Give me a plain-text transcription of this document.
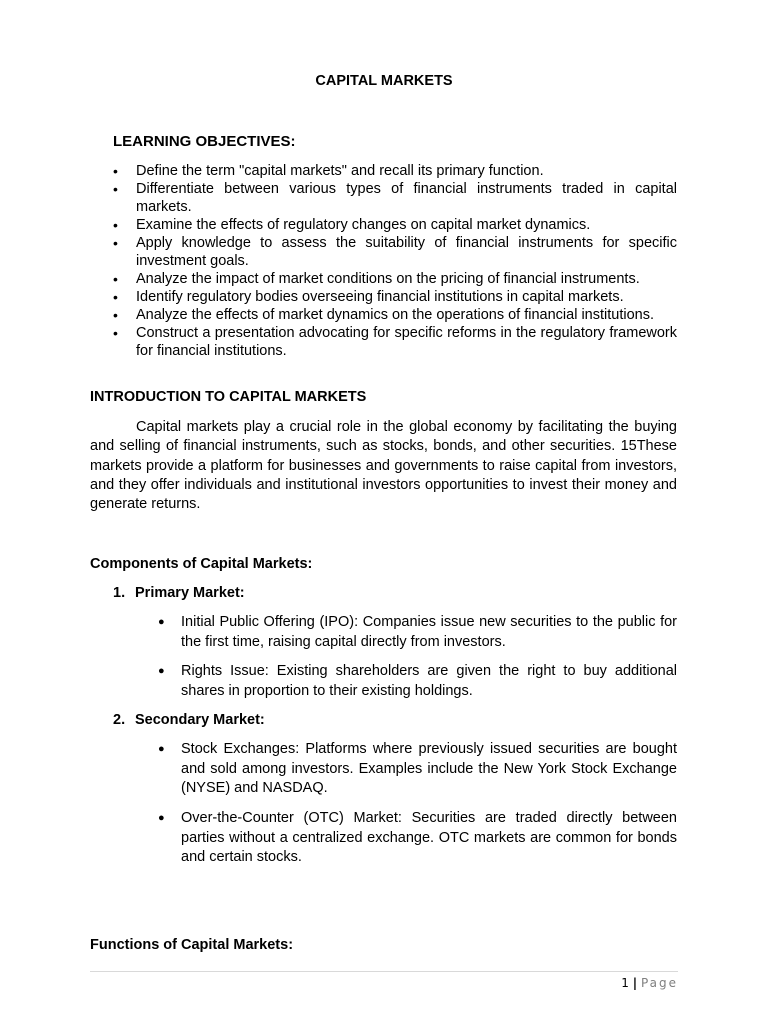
CAPITAL MARKETS
LEARNING OBJECTIVES:
• Define the term "capital markets" and recall its primary function.
• Differentiate between various types of financial instruments traded in capital markets.
• Examine the effects of regulatory changes on capital market dynamics.
• Apply knowledge to assess the suitability of financial instruments for specific investment goals.
• Analyze the impact of market conditions on the pricing of financial instruments.
• Identify regulatory bodies overseeing financial institutions in capital markets.
• Analyze the effects of market dynamics on the operations of financial institutions.
• Construct a presentation advocating for specific reforms in the regulatory framework for financial institutions.
INTRODUCTION TO CAPITAL MARKETS

Capital markets play a crucial role in the global economy by facilitating the buying and selling of financial instruments, such as stocks, bonds, and other securities. 15These markets provide a platform for businesses and governments to raise capital from investors, and they offer individuals and institutional investors opportunities to invest their money and generate returns.

Components of Capital Markets:
1. Primary Market:
● Initial Public Offering (IPO): Companies issue new securities to the public for the first time, raising capital directly from investors.
● Rights Issue: Existing shareholders are given the right to buy additional shares in proportion to their existing holdings.
2. Secondary Market:
● Stock Exchanges: Platforms where previously issued securities are bought and sold among investors. Examples include the New York Stock Exchange (NYSE) and NASDAQ.
● Over-the-Counter (OTC) Market: Securities are traded directly between parties without a centralized exchange. OTC markets are common for bonds and certain stocks.
Functions of Capital Markets:
1 | Page
